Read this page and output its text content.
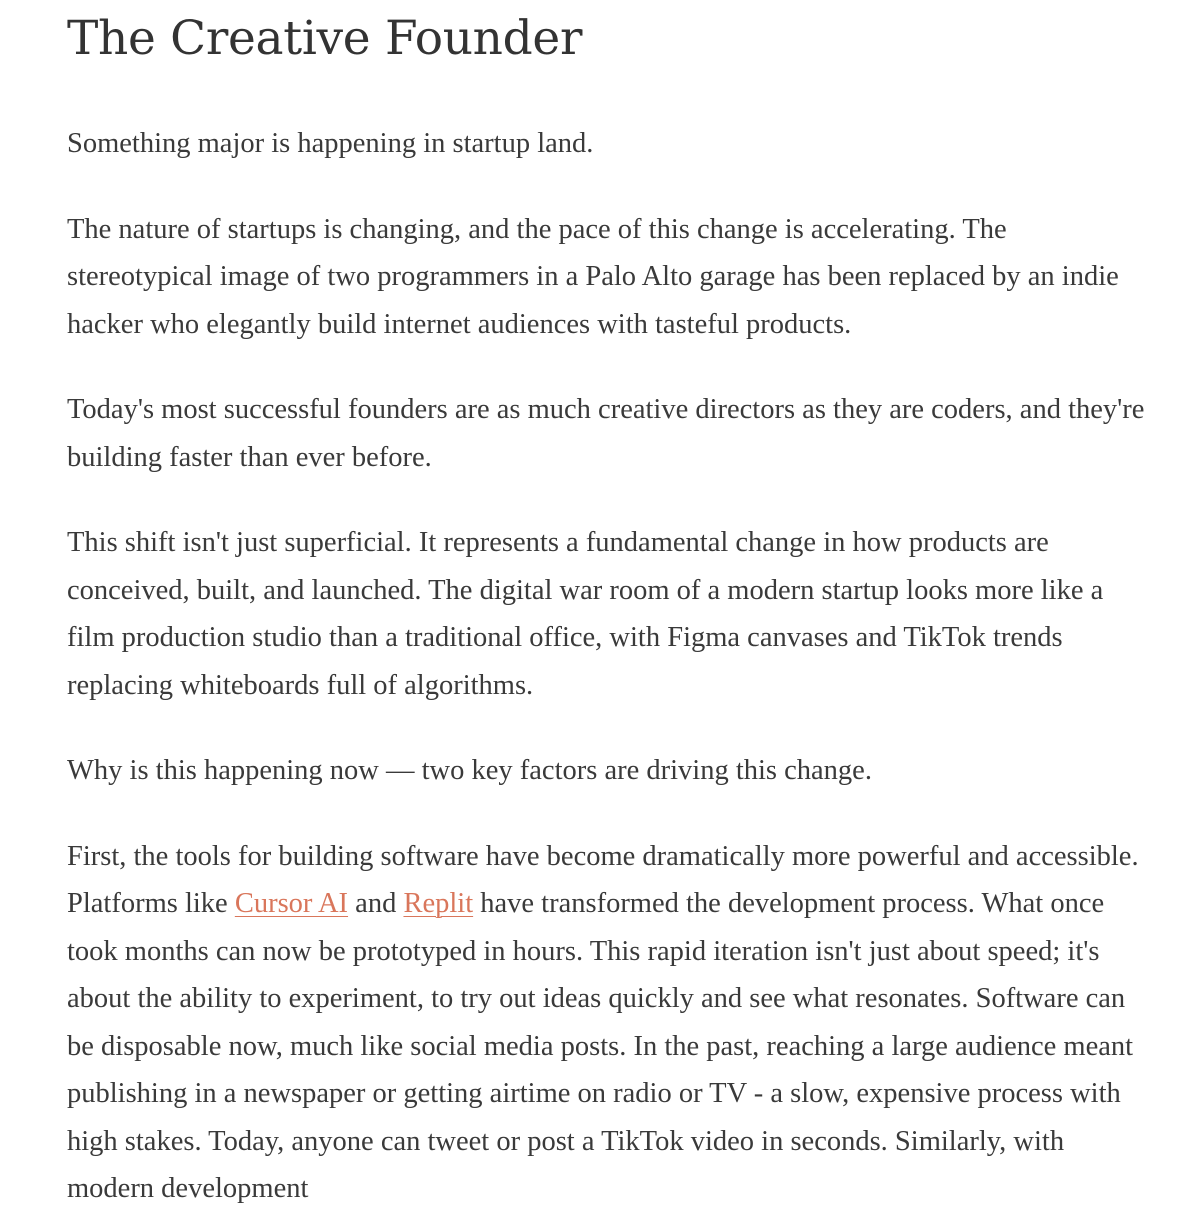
The Creative Founder

Something major is happening in startup land.

The nature of startups is changing, and the pace of this change is accelerating. The stereotypical image of two programmers in a Palo Alto garage has been replaced by an indie hacker who elegantly build internet audiences with tasteful products.

Today's most successful founders are as much creative directors as they are coders, and they're building faster than ever before.

This shift isn't just superficial. It represents a fundamental change in how products are conceived, built, and launched. The digital war room of a modern startup looks more like a film production studio than a traditional office, with Figma canvases and TikTok trends replacing whiteboards full of algorithms.

Why is this happening now — two key factors are driving this change.

First, the tools for building software have become dramatically more powerful and accessible. Platforms like Cursor AI and Replit have transformed the development process. What once took months can now be prototyped in hours. This rapid iteration isn't just about speed; it's about the ability to experiment, to try out ideas quickly and see what resonates. Software can be disposable now, much like social media posts. In the past, reaching a large audience meant publishing in a newspaper or getting airtime on radio or TV - a slow, expensive process with high stakes. Today, anyone can tweet or post a TikTok video in seconds. Similarly, with modern development
